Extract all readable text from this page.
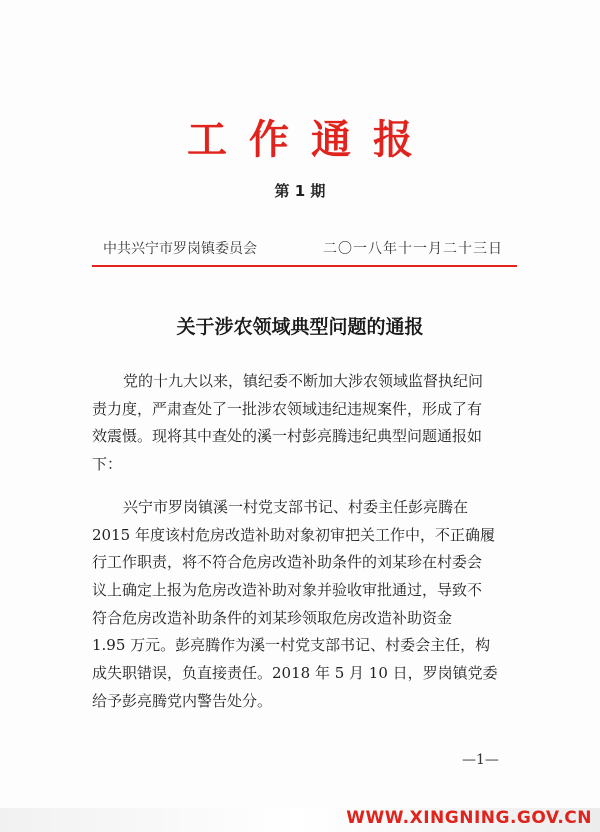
工作通报
第 1 期
中共兴宁市罗岗镇委员会	二〇一八年十一月二十三日
关于涉农领域典型问题的通报
党的十九大以来，镇纪委不断加大涉农领域监督执纪问
责力度，严肃查处了一批涉农领域违纪违规案件，形成了有
效震慑。现将其中查处的溪一村彭亮腾违纪典型问题通报如
下：
兴宁市罗岗镇溪一村党支部书记、村委主任彭亮腾在
2015 年度该村危房改造补助对象初审把关工作中，不正确履
行工作职责，将不符合危房改造补助条件的刘某珍在村委会
议上确定上报为危房改造补助对象并验收审批通过，导致不
符合危房改造补助条件的刘某珍领取危房改造补助资金
1.95 万元。彭亮腾作为溪一村党支部书记、村委会主任，构
成失职错误，负直接责任。2018 年 5 月 10 日，罗岗镇党委
给予彭亮腾党内警告处分。
—1—
WWW.XINGNING.GOV.CN
